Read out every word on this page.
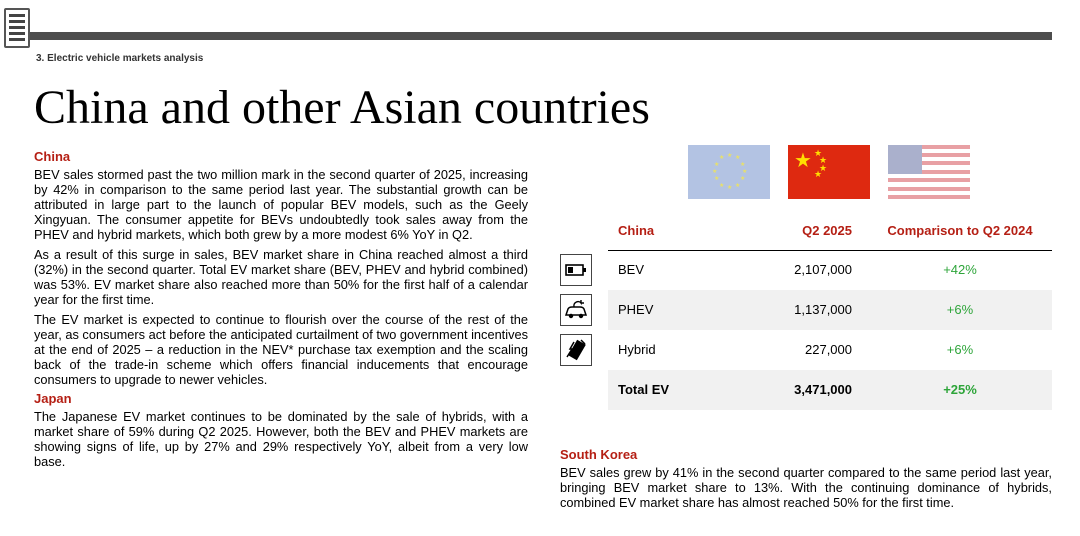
3. Electric vehicle markets analysis
China and other Asian countries
China

BEV sales stormed past the two million mark in the second quarter of 2025, increasing by 42% in comparison to the same period last year. The substantial growth can be attributed in large part to the launch of popular BEV models, such as the Geely Xingyuan. The consumer appetite for BEVs undoubtedly took sales away from the PHEV and hybrid markets, which both grew by a more modest 6% YoY in Q2.

As a result of this surge in sales, BEV market share in China reached almost a third (32%) in the second quarter. Total EV market share (BEV, PHEV and hybrid combined) was 53%. EV market share also reached more than 50% for the first half of a calendar year for the first time.

The EV market is expected to continue to flourish over the course of the rest of the year, as consumers act before the anticipated curtailment of two government incentives at the end of 2025 – a reduction in the NEV* purchase tax exemption and the scaling back of the trade-in scheme which offers financial inducements that encourage consumers to upgrade to newer vehicles.

Japan

The Japanese EV market continues to be dominated by the sale of hybrids, with a market share of 59% during Q2 2025. However, both the BEV and PHEV markets are showing signs of life, up by 27% and 29% respectively YoY, albeit from a very low base.

★ ★
★
★
★
★
★
★
★
★
★
★	★ ★
★
★
★
China	Q2 2025	Comparison to Q2 2024
BEV	2,107,000	+42%
PHEV	1,137,000	+6%
Hybrid	227,000	+6%
Total EV	3,471,000	+25%
South Korea

BEV sales grew by 41% in the second quarter compared to the same period last year, bringing BEV market share to 13%. With the continuing dominance of hybrids, combined EV market share has almost reached 50% for the first time.
